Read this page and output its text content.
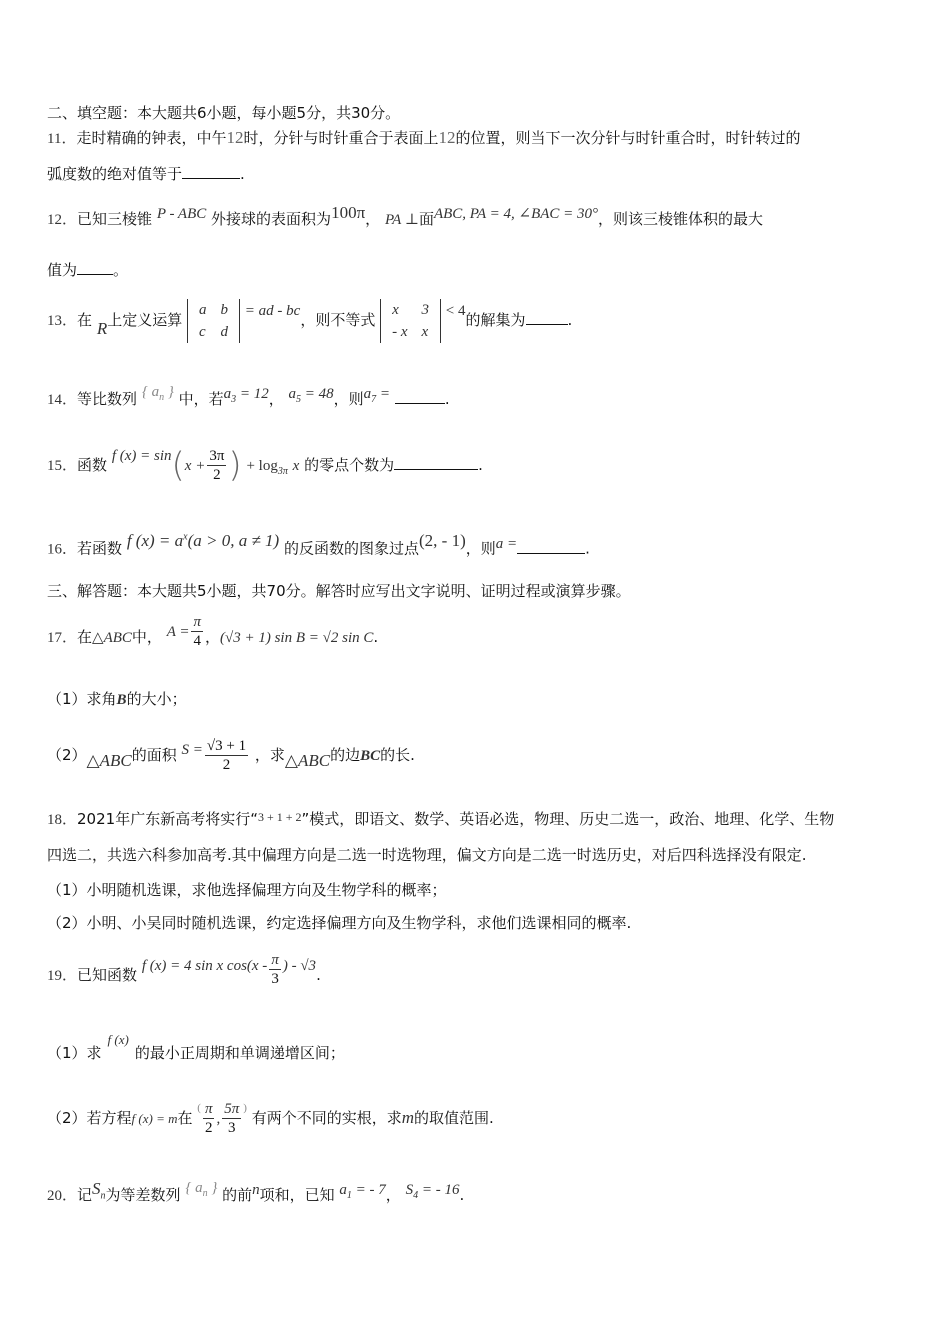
二、填空题：本大题共6小题，每小题5分，共30分。
11．走时精确的钟表，中午12时，分针与时针重合于表面上12的位置，则当下一次分针与时针重合时，时针转过的
弧度数的绝对值等于	.
12．已知三棱锥 P - ABC 外接球的表面积为100π， PA ⊥面ABC, PA = 4, ∠BAC = 30°，则该三棱锥体积的最大
值为 。
13．在 R上定义运算
a	b
c	d
= ad - bc，则不等式
x	3
- x	x
< 4的解集为	.
14．等比数列 { $a_n$ } 中，若$a_3 = 12$， $a_5 = 48$，则$a_7$ =	.
15．函数 f $(x) = \sin(x + \frac{3\pi}{2}$ ) + $\log_{3\pi} x$ 的零点个数为	.
16．若函数 f $(x) = a^x(a > 0$, a ≠ 1) 的反函数的图象过点(2, - 1)，则a =	.
三、解答题：本大题共5小题，共70分。解答时应写出文字说明、证明过程或演算步骤。
17．在△ABC中， $A = \frac{\pi}{4}$ ，(√3 + 1) sin B = √2 sin C.
（1）求角B的大小；
（2）△ABC的面积 $S = \frac{√3 + 1}{2}$ ，求△ABC的边BC的长.
18．2021年广东新高考将实行“$^{3 + 1 + 2}$”模式，即语文、数学、英语必选，物理、历史二选一，政治、地理、化学、生物
四选二，共选六科参加高考.其中偏理方向是二选一时选物理，偏文方向是二选一时选历史，对后四科选择没有限定.
（1）小明随机选课，求他选择偏理方向及生物学科的概率；
（2）小明、小吴同时随机选课，约定选择偏理方向及生物学科，求他们选课相同的概率.
19．已知函数 f (x) = 4 sin x $\cos(x - \frac{\pi}{3}$ ) - √3.
（1）求f (x)的最小正周期和单调递增区间；
（2）若方程f (x) = m在 $^( \frac{\pi}{2}$ , $\frac{5\pi}{3} ^)$ 有两个不同的实根，求m的取值范围.
20．记$S_n$为等差数列 { $a_n$ } 的前n项和，已知 $a_1$ = - 7， $S_4$ = - 16.
